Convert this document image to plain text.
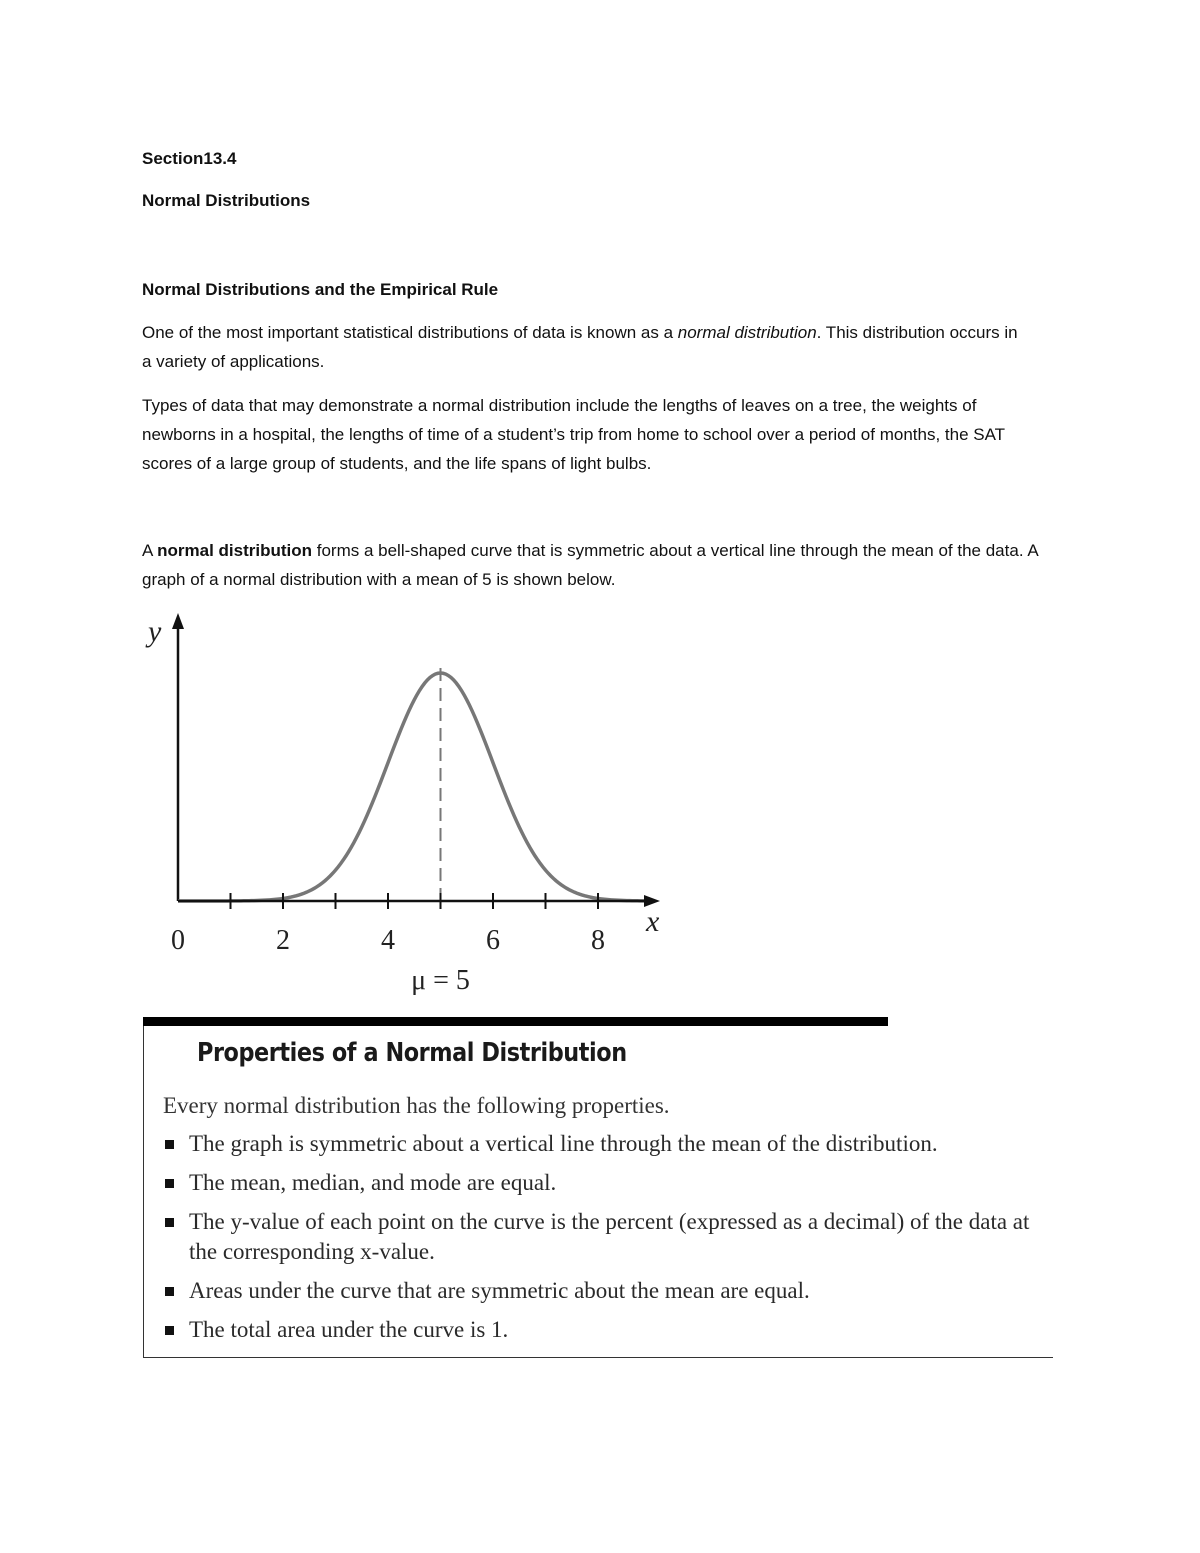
Section13.4
Normal Distributions
Normal Distributions and the Empirical Rule

One of the most important statistical distributions of data is known as a normal distribution. This distribution occurs in a variety of applications.

Types of data that may demonstrate a normal distribution include the lengths of leaves on a tree, the weights of newborns in a hospital, the lengths of time of a student’s trip from home to school over a period of months, the SAT scores of a large group of students, and the life spans of light bulbs.

A normal distribution forms a bell-shaped curve that is symmetric about a vertical line through the mean of the data. A graph of a normal distribution with a mean of 5 is shown below.

0	2	4	6	8
y
x
μ = 5
Properties of a Normal Distribution
Every normal distribution has the following properties.
The graph is symmetric about a vertical line through the mean of the distribution.
The mean, median, and mode are equal.
The y-value of each point on the curve is the percent (expressed as a decimal) of the data at the corresponding x-value.
Areas under the curve that are symmetric about the mean are equal.
The total area under the curve is 1.
